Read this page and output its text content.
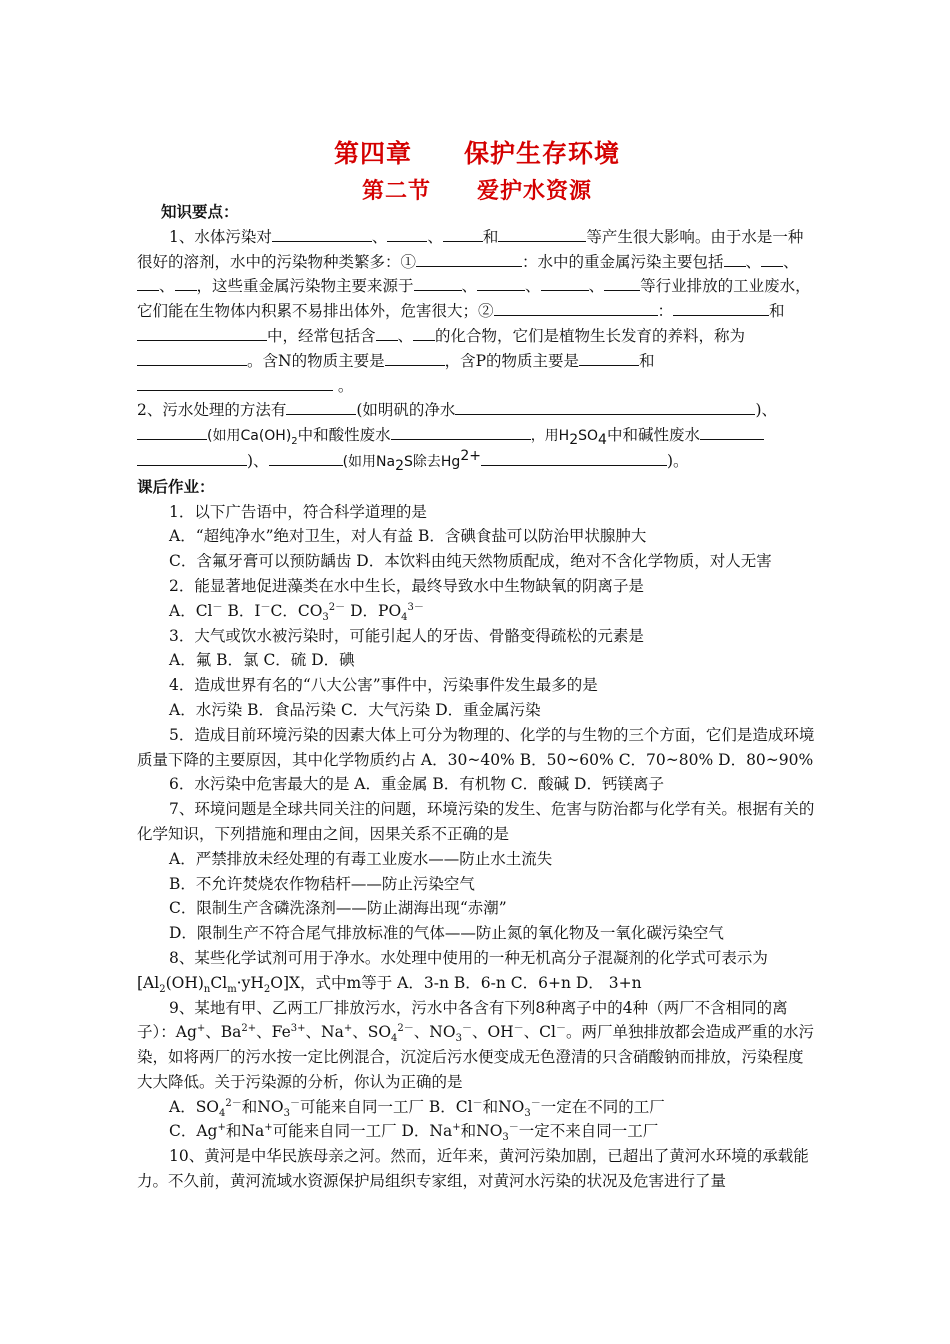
第四章　　保护生存环境
第二节　　爱护水资源

知识要点：

1、水体污染对	、	、	和	等产生很大影响。由于水是一种很好的溶剂，水中的污染物种类繁多：①	：水中的重金属污染主要包括 、 、、 ，这些重金属污染物主要来源于	、	、	、 等行业排放的工业废水，它们能在生物体内积累不易排出体外，危害很大；②	：	和中，经常包括含 、 的化合物，它们是植物生长发育的养料，称为。含N的物质主要是	，含P的物质主要是	和 。

2、污水处理的方法有	(如明矾的净水	)、(如用$Ca(OH)_2$中和酸性废水	，用$H_2SO_4$中和碱性废水)、	(如用$Na_2S$除去$Hg^{2+}$	)。

课后作业：

1．以下广告语中，符合科学道理的是

A．“超纯净水”绝对卫生，对人有益 B．含碘食盐可以防治甲状腺肿大

C．含氟牙膏可以预防龋齿 D．本饮料由纯天然物质配成，绝对不含化学物质，对人无害

2．能显著地促进藻类在水中生长，最终导致水中生物缺氧的阴离子是

A．Cl－ B．I－C．$CO_3^{2-}$ D．$PO_4^{3-}$

3．大气或饮水被污染时，可能引起人的牙齿、骨骼变得疏松的元素是

A．氟 B．氯 C．硫 D．碘

4．造成世界有名的“八大公害”事件中，污染事件发生最多的是

A．水污染 B．食品污染 C．大气污染 D．重金属污染

5．造成目前环境污染的因素大体上可分为物理的、化学的与生物的三个方面，它们是造成环境质量下降的主要原因，其中化学物质约占 A．30~40% B．50~60% C．70~80% D．80~90%

6．水污染中危害最大的是 A．重金属 B．有机物 C．酸碱 D．钙镁离子

7、环境问题是全球共同关注的问题，环境污染的发生、危害与防治都与化学有关。根据有关的化学知识，下列措施和理由之间，因果关系不正确的是

A．严禁排放未经处理的有毒工业废水——防止水土流失

B．不允许焚烧农作物秸杆——防止污染空气

C．限制生产含磷洗涤剂——防止湖海出现“赤潮”

D．限制生产不符合尾气排放标准的气体——防止氮的氧化物及一氧化碳污染空气

8、某些化学试剂可用于净水。水处理中使用的一种无机高分子混凝剂的化学式可表示为$[Al_2(OH)_nCl_m\cdot yH_2O]X$，式中m等于 A．3-n B．6-n C．6+n D． 3+n

9、某地有甲、乙两工厂排放污水，污水中各含有下列8种离子中的4种（两厂不含相同的离子）：Ag+、$Ba^{2+}$、$Fe^{3+}$、Na+、$SO_4^{2-}$、$NO_3^-$、OH－、Cl－。两厂单独排放都会造成严重的水污染，如将两厂的污水按一定比例混合，沉淀后污水便变成无色澄清的只含硝酸钠而排放，污染程度大大降低。关于污染源的分析，你认为正确的是

A．$SO_4^{2-}$和$NO_3^-$可能来自同一工厂 B．Cl－和$NO_3^-$一定在不同的工厂

C．Ag+和Na+可能来自同一工厂 D．Na+和$NO_3^-$一定不来自同一工厂

10、黄河是中华民族母亲之河。然而，近年来，黄河污染加剧，已超出了黄河水环境的承载能力。不久前，黄河流域水资源保护局组织专家组，对黄河水污染的状况及危害进行了量
